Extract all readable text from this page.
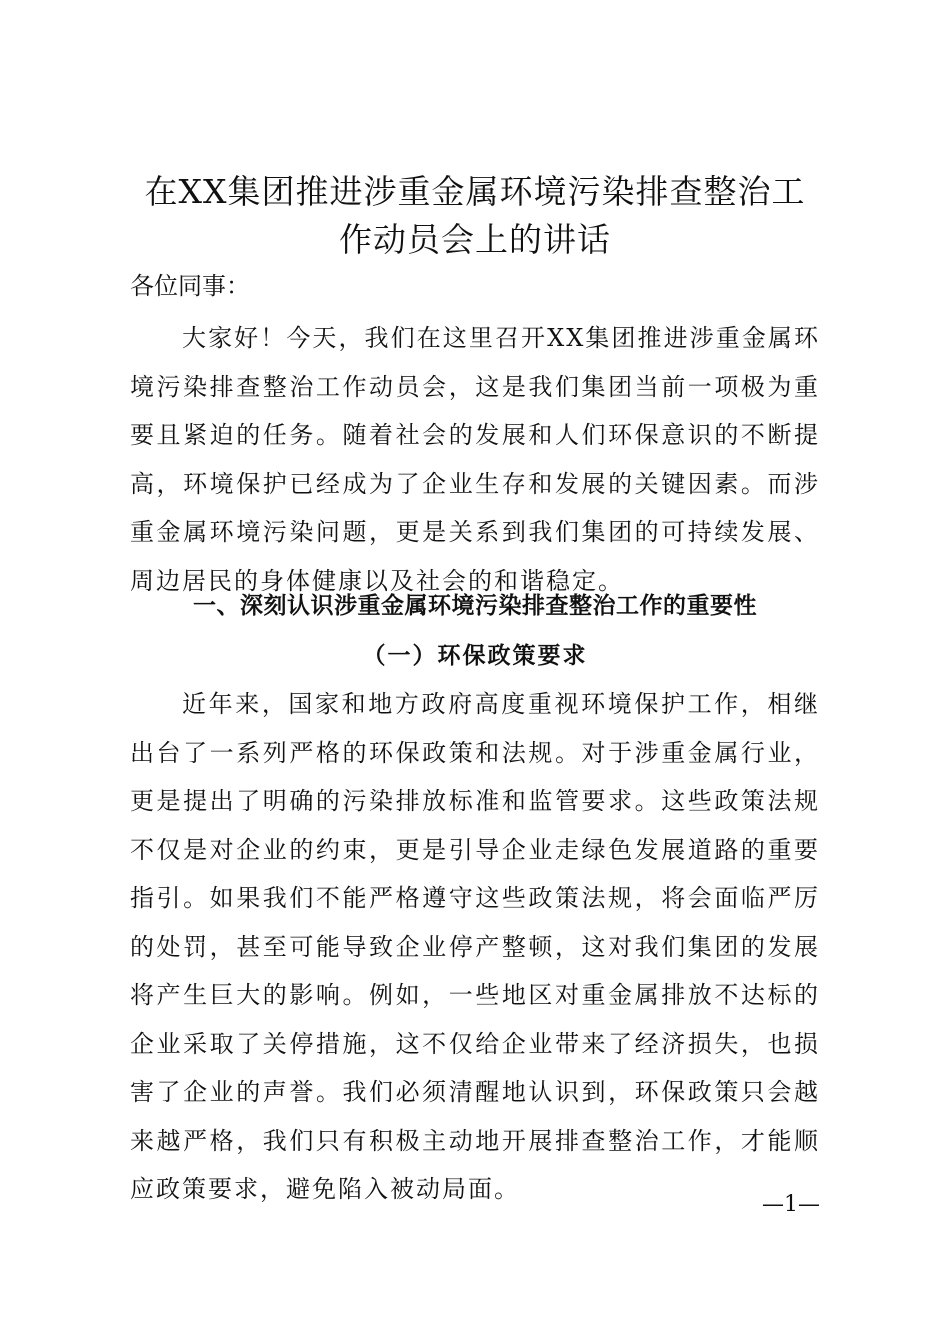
在XX集团推进涉重金属环境污染排查整治工
作动员会上的讲话

各位同事：

大家好！今天，我们在这里召开XX集团推进涉重金属环境污染排查整治工作动员会，这是我们集团当前一项极为重要且紧迫的任务。随着社会的发展和人们环保意识的不断提高，环境保护已经成为了企业生存和发展的关键因素。而涉重金属环境污染问题，更是关系到我们集团的可持续发展、周边居民的身体健康以及社会的和谐稳定。

一、深刻认识涉重金属环境污染排查整治工作的重要性
（一）环保政策要求

近年来，国家和地方政府高度重视环境保护工作，相继出台了一系列严格的环保政策和法规。对于涉重金属行业，更是提出了明确的污染排放标准和监管要求。这些政策法规不仅是对企业的约束，更是引导企业走绿色发展道路的重要指引。如果我们不能严格遵守这些政策法规，将会面临严厉的处罚，甚至可能导致企业停产整顿，这对我们集团的发展将产生巨大的影响。例如，一些地区对重金属排放不达标的企业采取了关停措施，这不仅给企业带来了经济损失，也损害了企业的声誉。我们必须清醒地认识到，环保政策只会越来越严格，我们只有积极主动地开展排查整治工作，才能顺应政策要求，避免陷入被动局面。

—1—
